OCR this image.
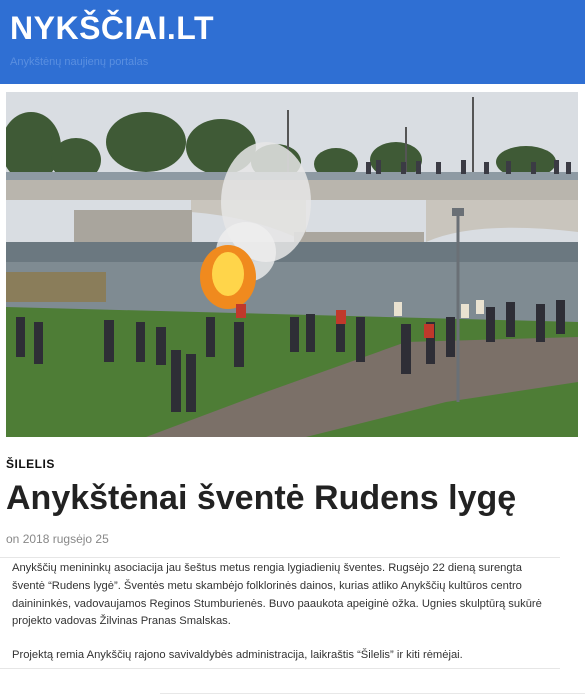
NYKŠČIAI.LT
Anykštėnų naujienų portalas
ŠILELIS
Anykštėnai šventė Rudens lygę
on 2018 rugsėjo 25

Anykščių menininkų asociacija jau šeštus metus rengia lygiadienių šventes. Rugsėjo 22 dieną surengta šventė “Rudens lygė”. Šventės metu skambėjo folklorinės dainos, kurias atliko Anykščių kultūros centro dainininkės, vadovaujamos Reginos Stumburienės. Buvo paaukota apeiginė ožka. Ugnies skulptūrą sukūrė projekto vadovas Žilvinas Pranas Smalskas.

Projektą remia Anykščių rajono savivaldybės administracija, laikraštis “Šilelis” ir kiti rėmėjai.
